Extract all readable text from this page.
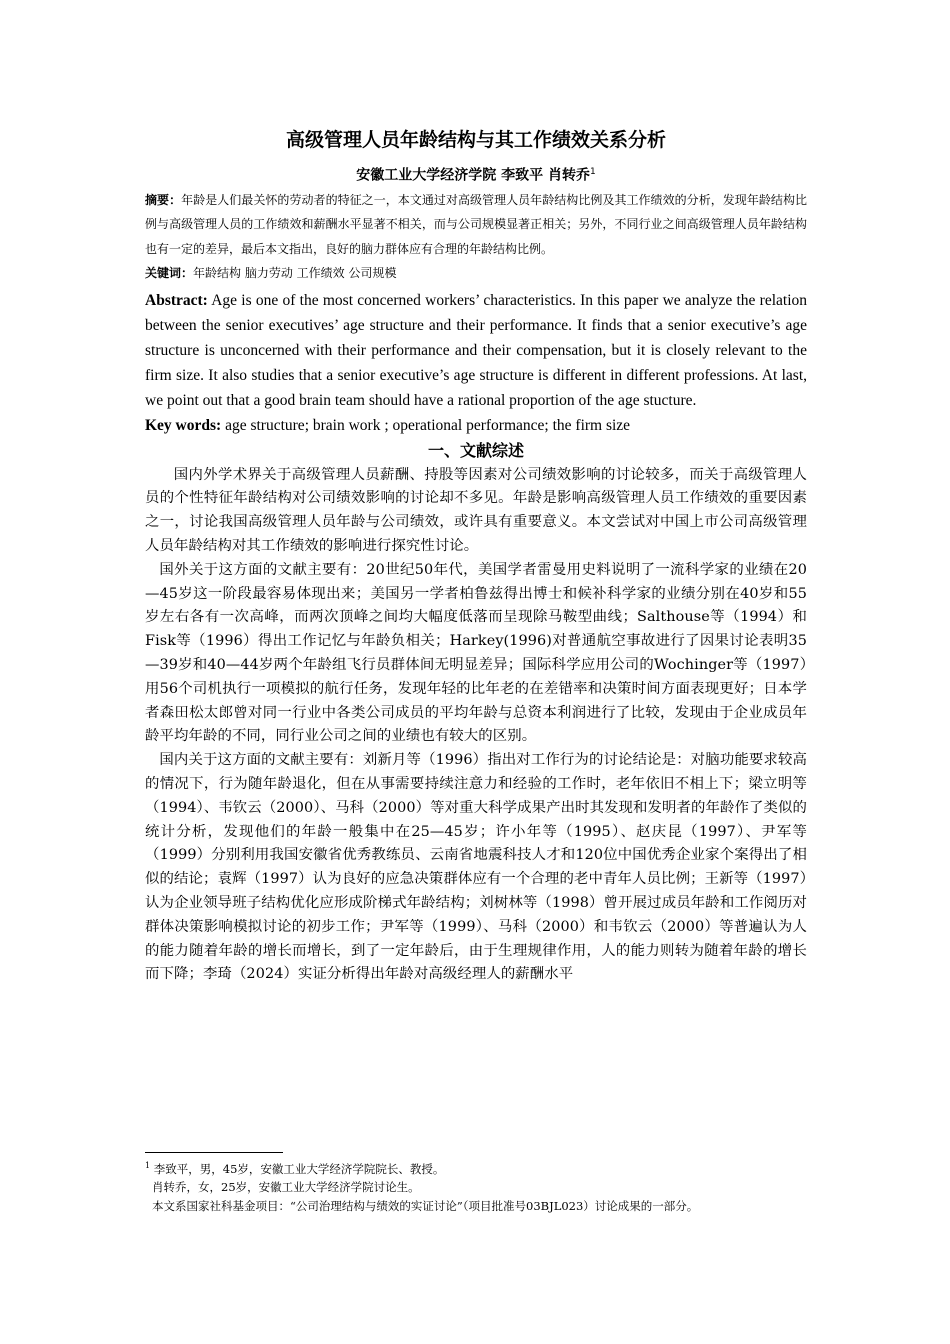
高级管理人员年龄结构与其工作绩效关系分析

安徽工业大学经济学院 李致平 肖转乔$^1$

摘要：年龄是人们最关怀的劳动者的特征之一，本文通过对高级管理人员年龄结构比例及其工作绩效的分析，发现年龄结构比例与高级管理人员的工作绩效和薪酬水平显著不相关，而与公司规模显著正相关；另外，不同行业之间高级管理人员年龄结构也有一定的差异，最后本文指出，良好的脑力群体应有合理的年龄结构比例。

关键词：年龄结构 脑力劳动 工作绩效 公司规模

Abstract: Age is one of the most concerned workers’ characteristics. In this paper we analyze the relation between the senior executives’ age structure and their performance. It finds that a senior executive’s age structure is unconcerned with their performance and their compensation, but it is closely relevant to the firm size. It also studies that a senior executive’s age structure is different in different professions. At last, we point out that a good brain team should have a rational proportion of the age stucture.

Key words: age structure; brain work ; operational performance; the firm size

一、文献综述

国内外学术界关于高级管理人员薪酬、持股等因素对公司绩效影响的讨论较多，而关于高级管理人员的个性特征年龄结构对公司绩效影响的讨论却不多见。年龄是影响高级管理人员工作绩效的重要因素之一，讨论我国高级管理人员年龄与公司绩效，或许具有重要意义。本文尝试对中国上市公司高级管理人员年龄结构对其工作绩效的影响进行探究性讨论。

国外关于这方面的文献主要有：20世纪50年代，美国学者雷曼用史料说明了一流科学家的业绩在20—45岁这一阶段最容易体现出来；美国另一学者柏鲁兹得出博士和候补科学家的业绩分别在40岁和55岁左右各有一次高峰，而两次顶峰之间均大幅度低落而呈现除马鞍型曲线；Salthouse等（1994）和Fisk等（1996）得出工作记忆与年龄负相关；Harkey(1996)对普通航空事故进行了因果讨论表明35—39岁和40—44岁两个年龄组飞行员群体间无明显差异；国际科学应用公司的Wochinger等（1997）用56个司机执行一项模拟的航行任务，发现年轻的比年老的在差错率和决策时间方面表现更好；日本学者森田松太郎曾对同一行业中各类公司成员的平均年龄与总资本利润进行了比较，发现由于企业成员年龄平均年龄的不同，同行业公司之间的业绩也有较大的区别。

国内关于这方面的文献主要有：刘新月等（1996）指出对工作行为的讨论结论是：对脑功能要求较高的情况下，行为随年龄退化，但在从事需要持续注意力和经验的工作时，老年依旧不相上下；梁立明等（1994）、韦钦云（2000）、马科（2000）等对重大科学成果产出时其发现和发明者的年龄作了类似的统计分析，发现他们的年龄一般集中在25—45岁；许小年等（1995）、赵庆昆（1997）、尹军等（1999）分别利用我国安徽省优秀教练员、云南省地震科技人才和120位中国优秀企业家个案得出了相似的结论；袁辉（1997）认为良好的应急决策群体应有一个合理的老中青年人员比例；王新等（1997）认为企业领导班子结构优化应形成阶梯式年龄结构；刘树林等（1998）曾开展过成员年龄和工作阅历对群体决策影响模拟讨论的初步工作；尹军等（1999）、马科（2000）和韦钦云（2000）等普遍认为人的能力随着年龄的增长而增长，到了一定年龄后，由于生理规律作用，人的能力则转为随着年龄的增长而下降；李琦（2024）实证分析得出年龄对高级经理人的薪酬水平

$^1$ 李致平，男，45岁，安徽工业大学经济学院院长、教授。

肖转乔，女，25岁，安徽工业大学经济学院讨论生。

本文系国家社科基金项目：“公司治理结构与绩效的实证讨论”（项目批准号03BJL023）讨论成果的一部分。
